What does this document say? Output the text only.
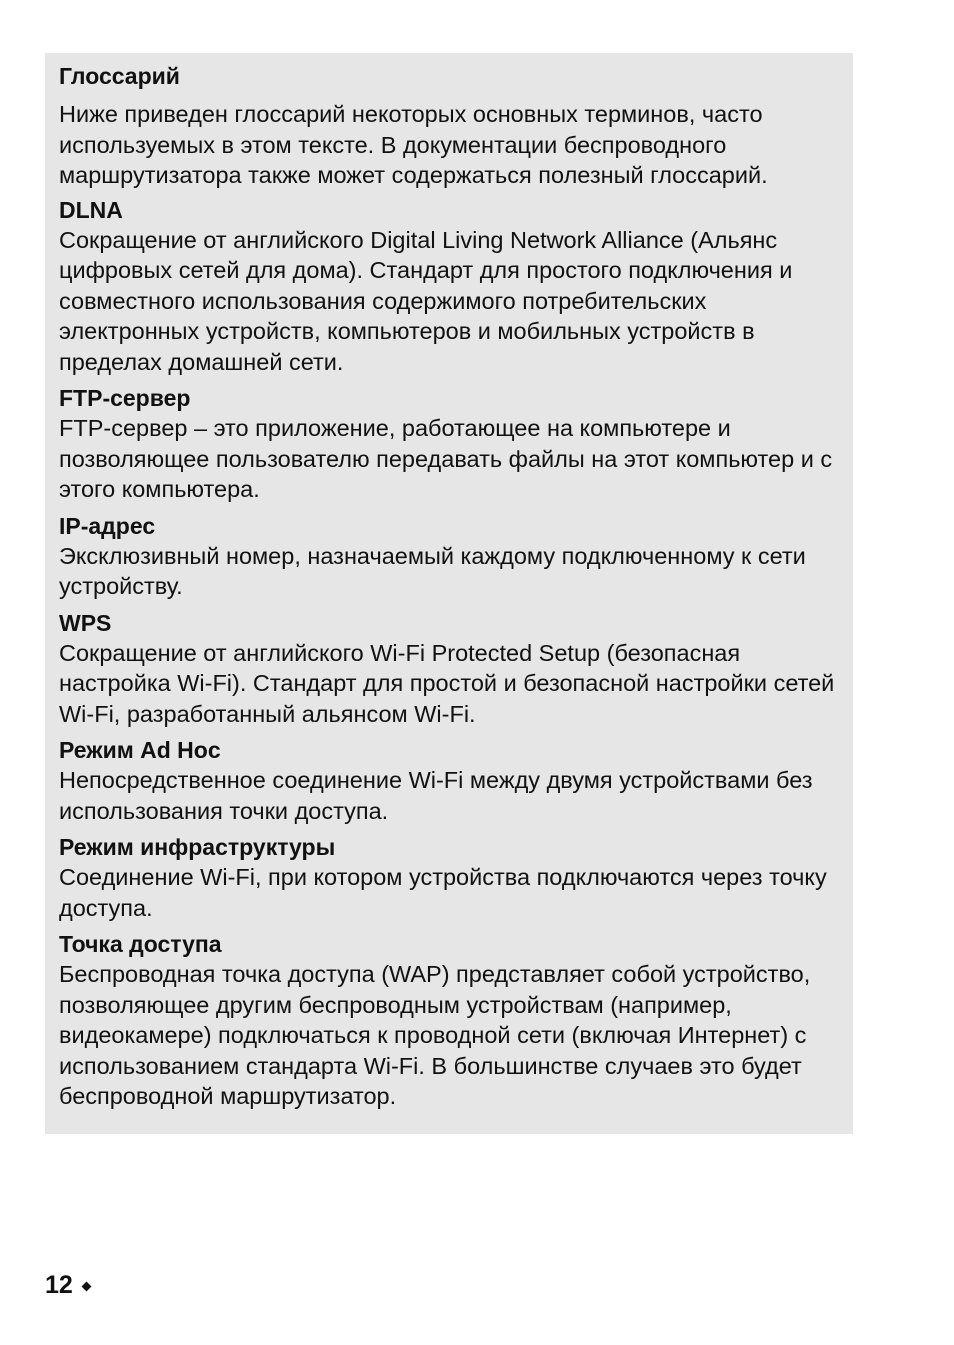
Глоссарий
Ниже приведен глоссарий некоторых основных терминов, часто используемых в этом тексте. В документации беспроводного маршрутизатора также может содержаться полезный глоссарий.
DLNA
Сокращение от английского Digital Living Network Alliance (Альянс цифровых сетей для дома). Стандарт для простого подключения и совместного использования содержимого потребительских электронных устройств, компьютеров и мобильных устройств в пределах домашней сети.
FTP-сервер
FTP-сервер – это приложение, работающее на компьютере и позволяющее пользователю передавать файлы на этот компьютер и с этого компьютера.
IP-адрес
Эксклюзивный номер, назначаемый каждому подключенному к сети устройству.
WPS
Сокращение от английского Wi-Fi Protected Setup (безопасная настройка Wi-Fi). Стандарт для простой и безопасной настройки сетей Wi-Fi, разработанный альянсом Wi-Fi.
Режим Ad Hoc
Непосредственное соединение Wi-Fi между двумя устройствами без использования точки доступа.
Режим инфраструктуры
Соединение Wi-Fi, при котором устройства подключаются через точку доступа.
Точка доступа
Беспроводная точка доступа (WAP) представляет собой устройство, позволяющее другим беспроводным устройствам (например, видеокамере) подключаться к проводной сети (включая Интернет) с использованием стандарта Wi-Fi. В большинстве случаев это будет беспроводной маршрутизатор.
12
